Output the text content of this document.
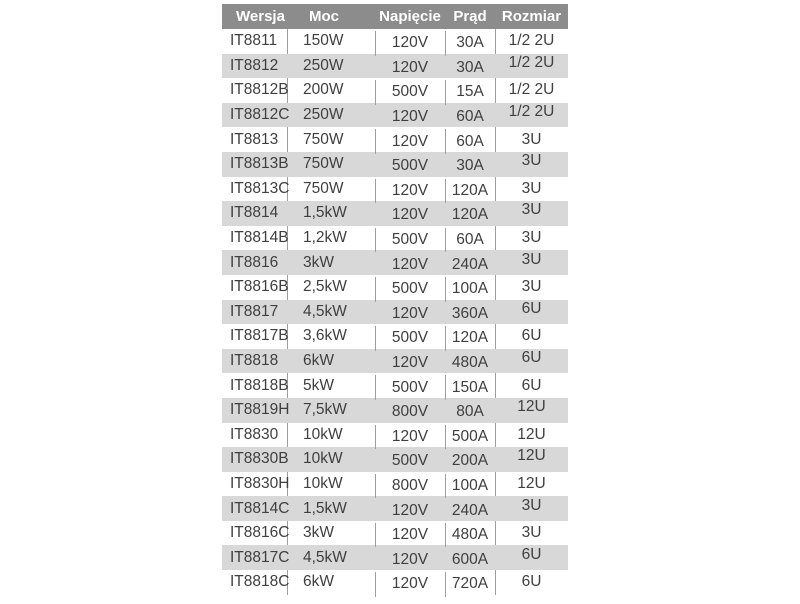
Wersja	Moc	Napięcie	Prąd	Rozmiar
IT8811	150W	120V	30A	1/2 2U
IT8812	250W	120V	30A	1/2 2U
IT8812B	200W	500V	15A	1/2 2U
IT8812C	250W	120V	60A	1/2 2U
IT8813	750W	120V	60A	3U
IT8813B	750W	500V	30A	3U
IT8813C	750W	120V	120A	3U
IT8814	1,5kW	120V	120A	3U
IT8814B	1,2kW	500V	60A	3U
IT8816	3kW	120V	240A	3U
IT8816B	2,5kW	500V	100A	3U
IT8817	4,5kW	120V	360A	6U
IT8817B	3,6kW	500V	120A	6U
IT8818	6kW	120V	480A	6U
IT8818B	5kW	500V	150A	6U
IT8819H	7,5kW	800V	80A	12U
IT8830	10kW	120V	500A	12U
IT8830B	10kW	500V	200A	12U
IT8830H	10kW	800V	100A	12U
IT8814C	1,5kW	120V	240A	3U
IT8816C	3kW	120V	480A	3U
IT8817C	4,5kW	120V	600A	6U
IT8818C	6kW	120V	720A	6U
